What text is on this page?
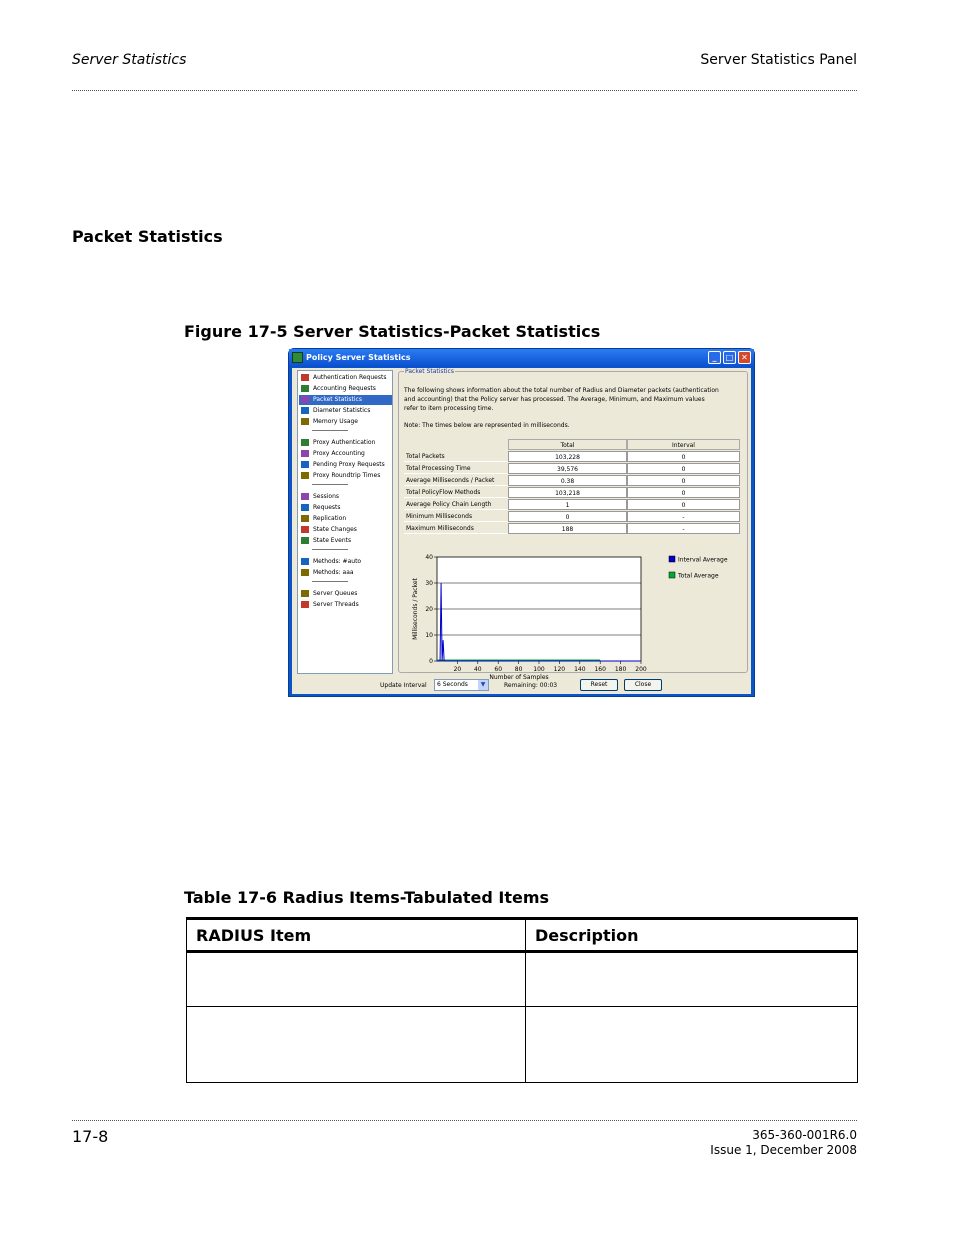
Server Statistics	Server Statistics Panel
Packet Statistics
Figure 17-5 Server Statistics-Packet Statistics
Policy Server Statistics	_	□ ✕
Authentication Requests
Accounting Requests
Packet Statistics
Diameter Statistics
Memory Usage
Proxy Authentication
Proxy Accounting
Pending Proxy Requests
Proxy Roundtrip Times
Sessions
Requests
Replication
State Changes
State Events
Methods: #auto
Methods: aaa
Server Queues
Server Threads
Packet Statistics
The following shows information about the total number of Radius and Diameter packets (authentication
and accounting) that the Policy server has processed. The Average, Minimum, and Maximum values
refer to item processing time.
Note: The times below are represented in milliseconds.
Total	Interval
Total Packets	103,228	0
Total Processing Time	39,576	0
Average Milliseconds / Packet	0.38	0
Total PolicyFlow Methods	103,218	0
Average Policy Chain Length	1	0
Minimum Milliseconds	0	-
Maximum Milliseconds	188	-
0
10
20
30
40
20 40 60 80 100 120 140 160 180 200
Number of Samples
Milliseconds / Packet
Interval Average
Total Average
Update Interval	6 Seconds	▼	Remaining: 00:03	Reset	Close
Table 17-6 Radius Items-Tabulated Items
RADIUS Item	Description

17-8	365-360-001R6.0
Issue 1, December 2008
